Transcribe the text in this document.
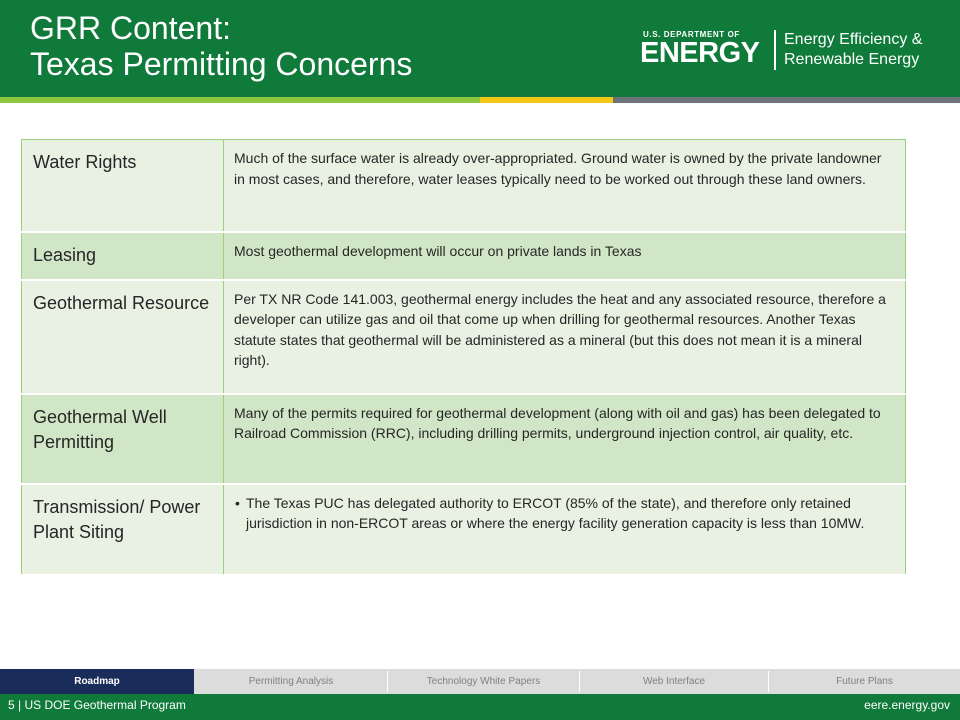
GRR Content:
Texas Permitting Concerns
U.S. DEPARTMENT OF
ENERGY Energy Efficiency &
Renewable Energy
Water Rights	Much of the surface water is already over-appropriated. Ground water is owned by the private landowner in most cases, and therefore, water leases typically need to be worked out through these land owners.
Leasing	Most geothermal development will occur on private lands in Texas
Geothermal Resource	Per TX NR Code 141.003, geothermal energy includes the heat and any associated resource, therefore a developer can utilize gas and oil that come up when drilling for geothermal resources. Another Texas statute states that geothermal will be administered as a mineral (but this does not mean it is a mineral right).
Geothermal Well Permitting	Many of the permits required for geothermal development (along with oil and gas) has been delegated to Railroad Commission (RRC), including drilling permits, underground injection control, air quality, etc.
Transmission/ Power Plant Siting	• The Texas PUC has delegated authority to ERCOT (85% of the state), and therefore only retained jurisdiction in non-ERCOT areas or where the energy facility generation capacity is less than 10MW.
Roadmap	Permitting Analysis	Technology White Papers	Web Interface	Future Plans
5 | US DOE Geothermal Program	eere.energy.gov
